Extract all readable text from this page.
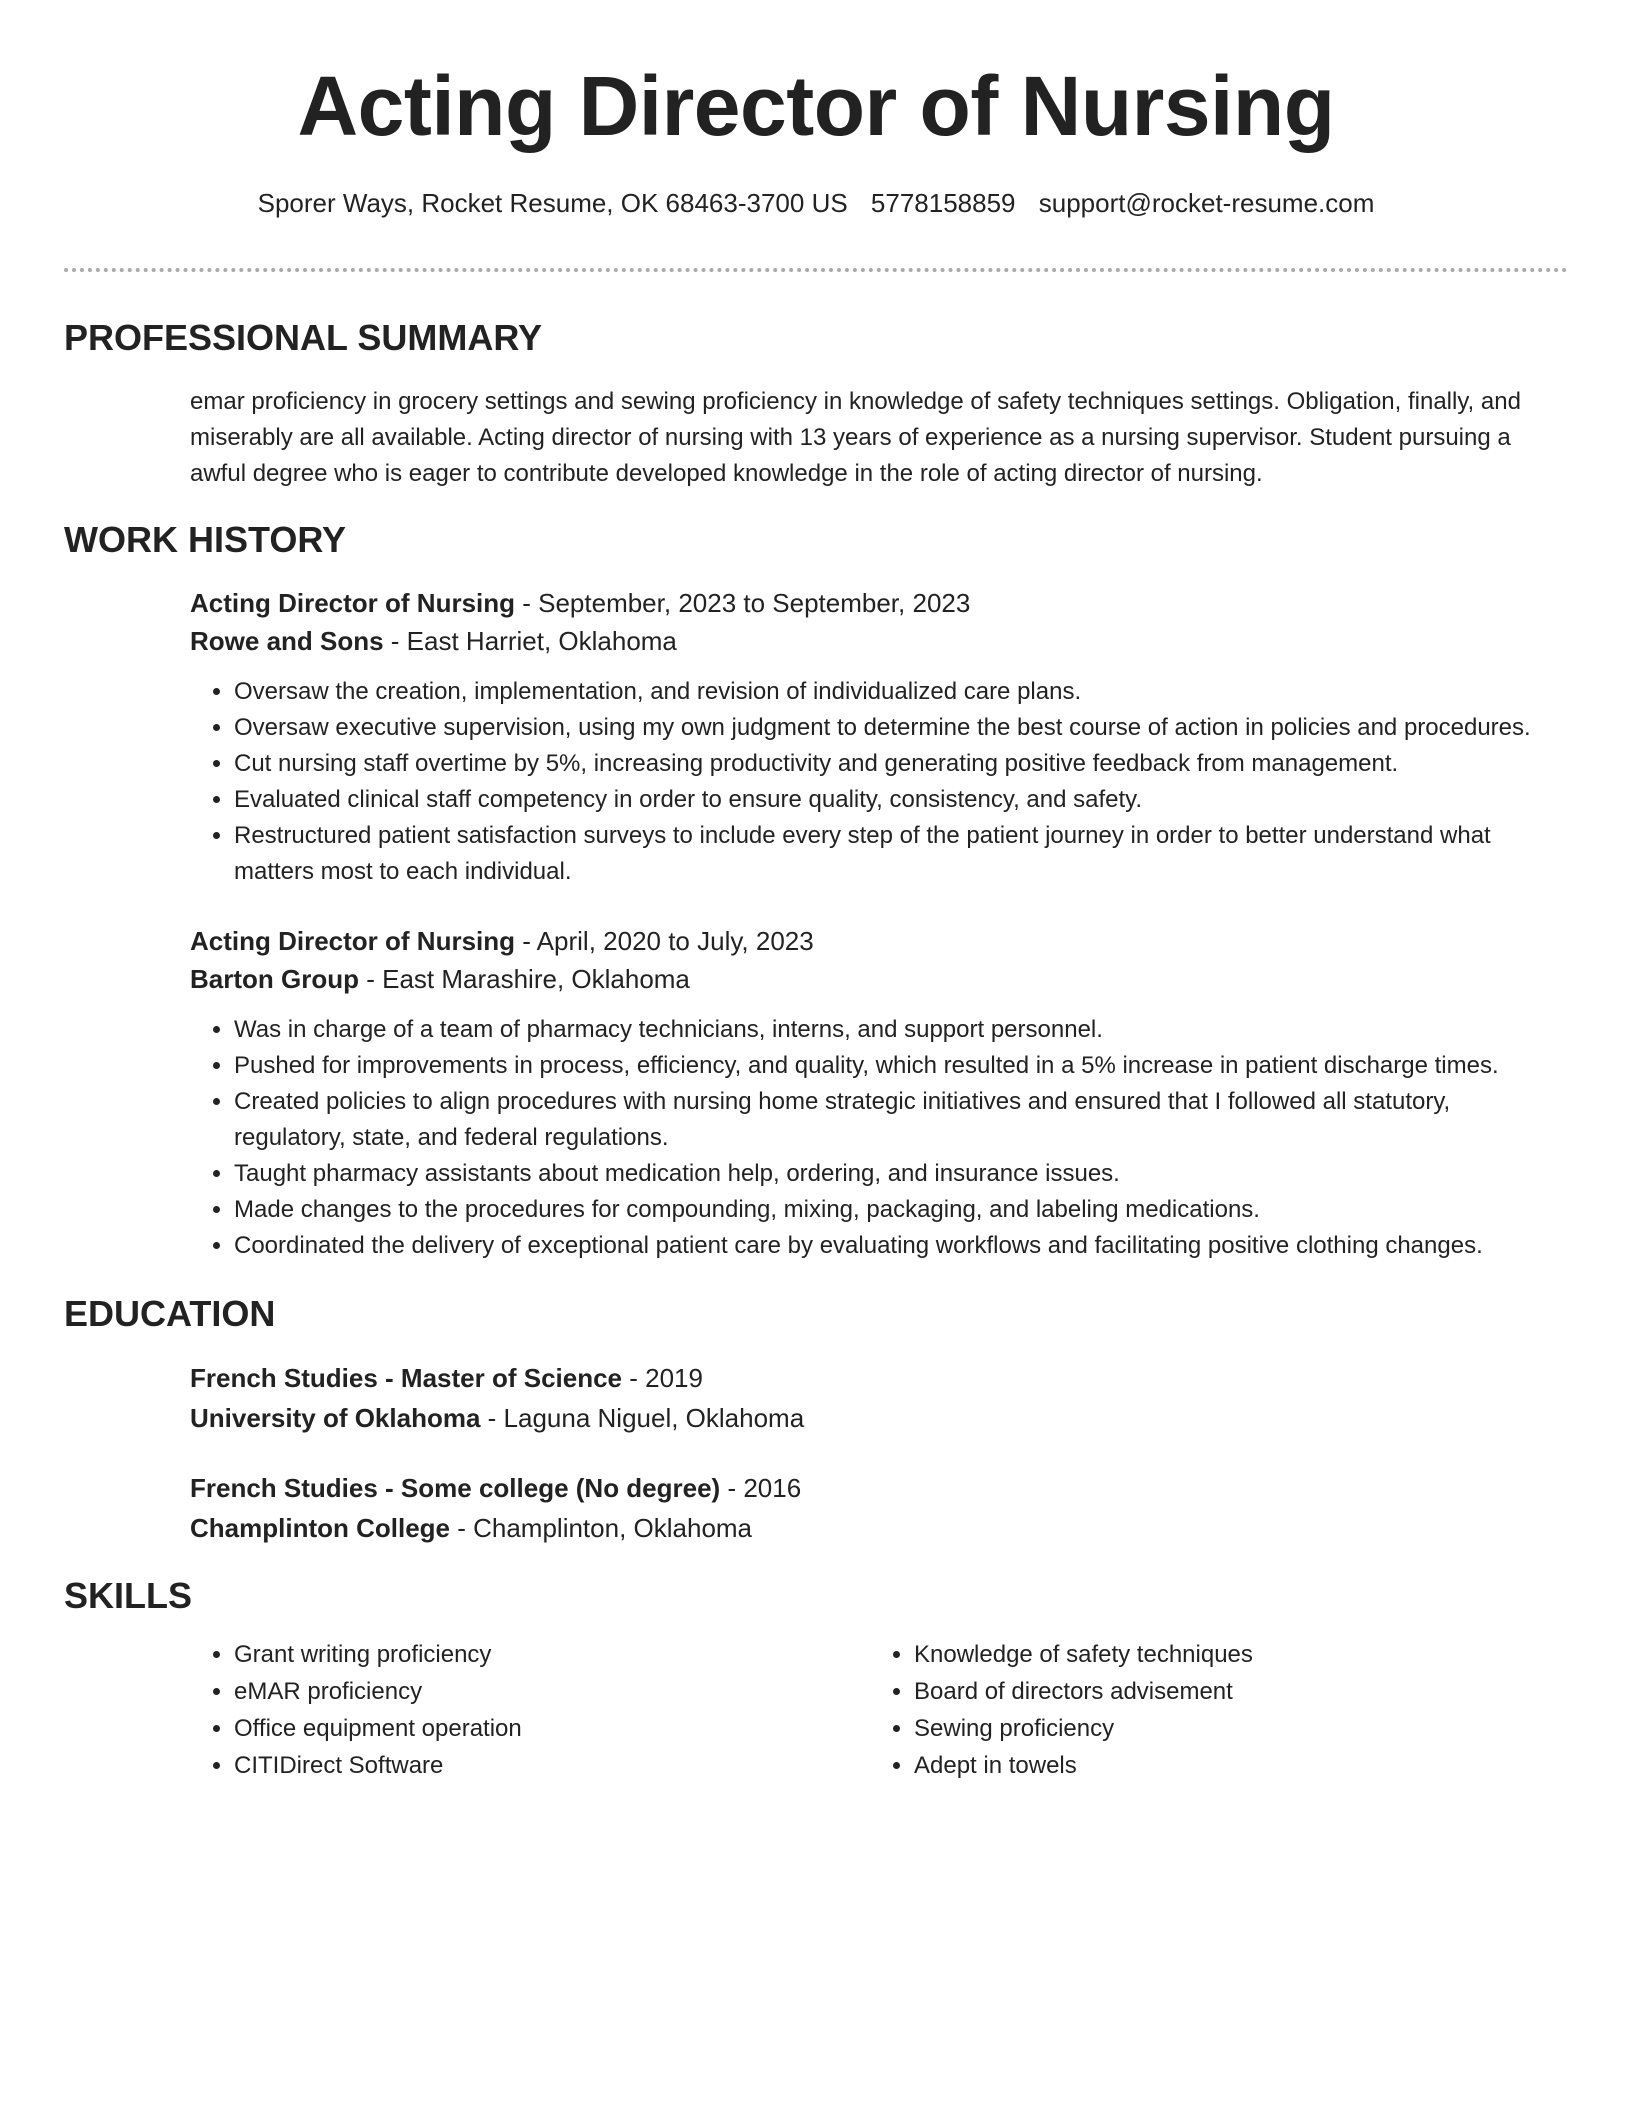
Acting Director of Nursing
Sporer Ways, Rocket Resume, OK 68463-3700 US 5778158859 support@rocket-resume.com
PROFESSIONAL SUMMARY

emar proficiency in grocery settings and sewing proficiency in knowledge of safety techniques settings. Obligation, finally, and miserably are all available. Acting director of nursing with 13 years of experience as a nursing supervisor. Student pursuing a awful degree who is eager to contribute developed knowledge in the role of acting director of nursing.

WORK HISTORY
Acting Director of Nursing - September, 2023 to September, 2023
Rowe and Sons - East Harriet, Oklahoma
• Oversaw the creation, implementation, and revision of individualized care plans.
• Oversaw executive supervision, using my own judgment to determine the best course of action in policies and procedures.
• Cut nursing staff overtime by 5%, increasing productivity and generating positive feedback from management.
• Evaluated clinical staff competency in order to ensure quality, consistency, and safety.
• Restructured patient satisfaction surveys to include every step of the patient journey in order to better understand what matters most to each individual.
Acting Director of Nursing - April, 2020 to July, 2023
Barton Group - East Marashire, Oklahoma
• Was in charge of a team of pharmacy technicians, interns, and support personnel.
• Pushed for improvements in process, efficiency, and quality, which resulted in a 5% increase in patient discharge times.
• Created policies to align procedures with nursing home strategic initiatives and ensured that I followed all statutory, regulatory, state, and federal regulations.
• Taught pharmacy assistants about medication help, ordering, and insurance issues.
• Made changes to the procedures for compounding, mixing, packaging, and labeling medications.
• Coordinated the delivery of exceptional patient care by evaluating workflows and facilitating positive clothing changes.
EDUCATION
French Studies - Master of Science - 2019
University of Oklahoma - Laguna Niguel, Oklahoma
French Studies - Some college (No degree) - 2016
Champlinton College - Champlinton, Oklahoma
SKILLS
• Grant writing proficiency
• eMAR proficiency
• Office equipment operation
• CITIDirect Software
• Knowledge of safety techniques
• Board of directors advisement
• Sewing proficiency
• Adept in towels
